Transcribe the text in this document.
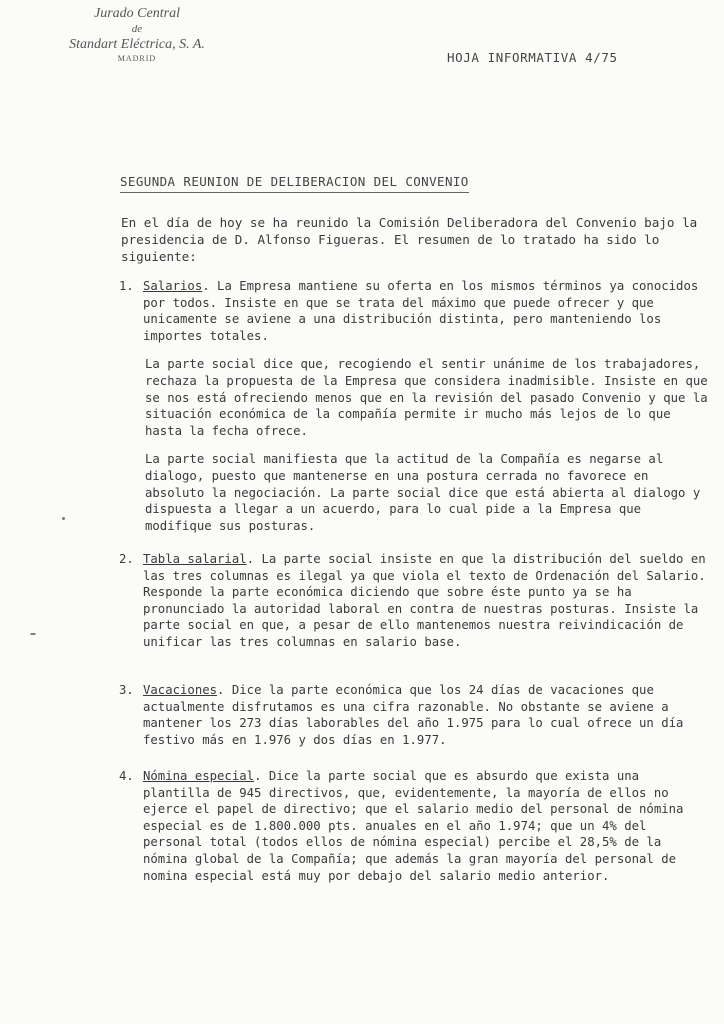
Jurado Central
de
Standart Eléctrica, S. A.
MADRID	HOJA INFORMATIVA 4/75
SEGUNDA REUNION DE DELIBERACION DEL CONVENIO

En el día de hoy se ha reunido la Comisión Deliberadora del Convenio bajo la presidencia de D. Alfonso Figueras. El resumen de lo tratado ha sido lo siguiente:

1. Salarios. La Empresa mantiene su oferta en los mismos términos ya conocidos por todos. Insiste en que se trata del máximo que puede ofrecer y que unicamente se aviene a una distribución distinta, pero manteniendo los importes totales.

La parte social dice que, recogiendo el sentir unánime de los trabajadores, rechaza la propuesta de la Empresa que considera inadmisible. Insiste en que se nos está ofreciendo menos que en la revisión del pasado Convenio y que la situación económica de la compañía permite ir mucho más lejos de lo que hasta la fecha ofrece.

La parte social manifiesta que la actitud de la Compañía es negarse al dialogo, puesto que mantenerse en una postura cerrada no favorece en absoluto la negociación. La parte social dice que está abierta al dialogo y dispuesta a llegar a un acuerdo, para lo cual pide a la Empresa que modifique sus posturas.

2. Tabla salarial. La parte social insiste en que la distribución del sueldo en las tres columnas es ilegal ya que viola el texto de Ordenación del Salario. Responde la parte económica diciendo que sobre éste punto ya se ha pronunciado la autoridad laboral en contra de nuestras posturas. Insiste la parte social en que, a pesar de ello mantenemos nuestra reivindicación de unificar las tres columnas en salario base.

3. Vacaciones. Dice la parte económica que los 24 días de vacaciones que actualmente disfrutamos es una cifra razonable. No obstante se aviene a mantener los 273 días laborables del año 1.975 para lo cual ofrece un día festivo más en 1.976 y dos días en 1.977.

4. Nómina especial. Dice la parte social que es absurdo que exista una plantilla de 945 directivos, que, evidentemente, la mayoría de ellos no ejerce el papel de directivo; que el salario medio del personal de nómina especial es de 1.800.000 pts. anuales en el año 1.974; que un 4% del personal total (todos ellos de nómina especial) percibe el 28,5% de la nómina global de la Compañía; que además la gran mayoría del personal de nomina especial está muy por debajo del salario medio anterior.
